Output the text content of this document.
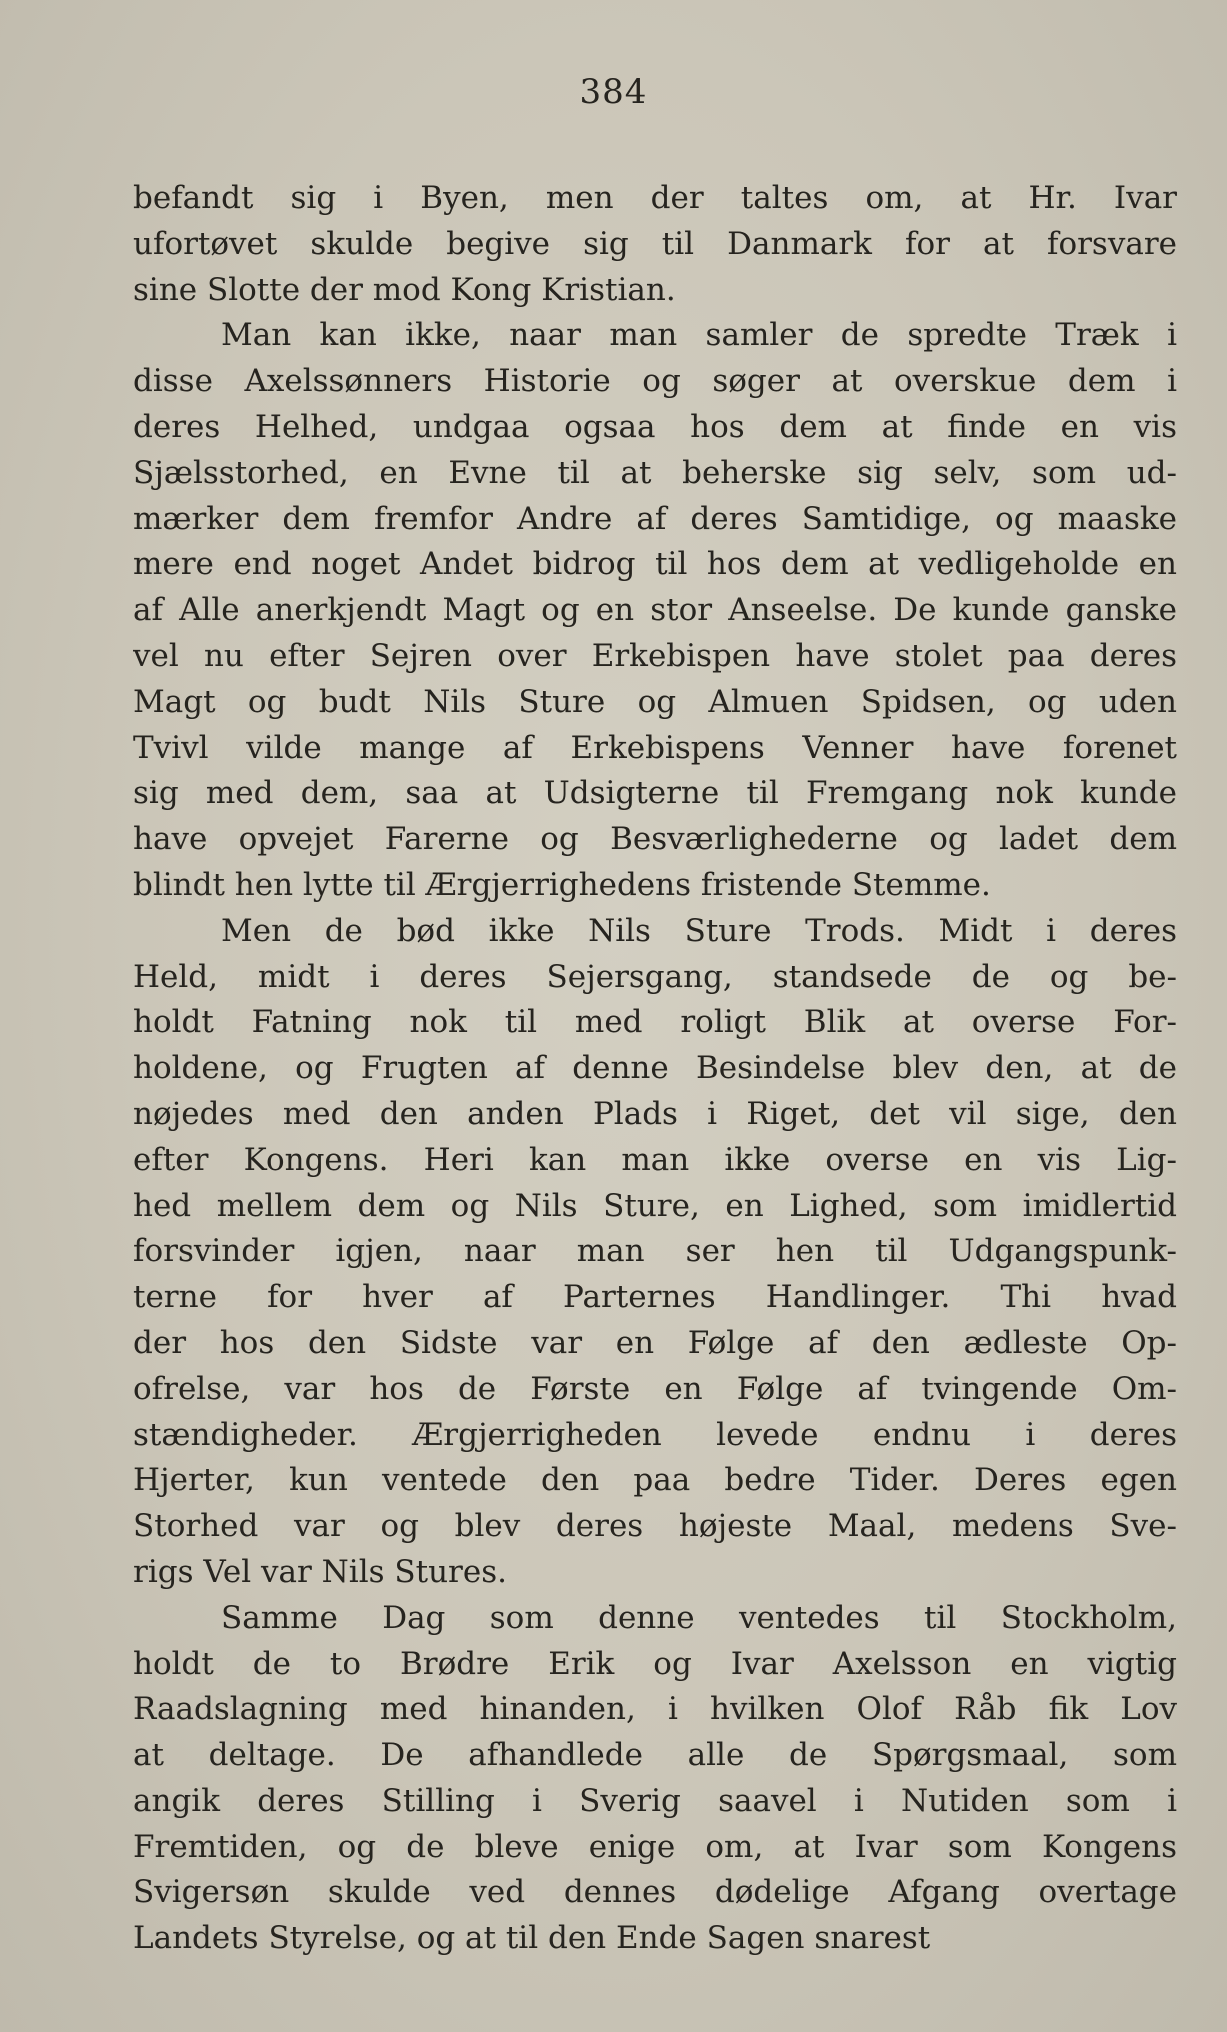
384
befandt sig i Byen, men der taltes om, at Hr. Ivar
ufortøvet skulde begive sig til Danmark for at forsvare
sine Slotte der mod Kong Kristian.
Man kan ikke, naar man samler de spredte Træk i
disse Axelssønners Historie og søger at overskue dem i
deres Helhed, undgaa ogsaa hos dem at finde en vis
Sjælsstorhed, en Evne til at beherske sig selv, som ud-
mærker dem fremfor Andre af deres Samtidige, og maaske
mere end noget Andet bidrog til hos dem at vedligeholde en
af Alle anerkjendt Magt og en stor Anseelse. De kunde ganske
vel nu efter Sejren over Erkebispen have stolet paa deres
Magt og budt Nils Sture og Almuen Spidsen, og uden
Tvivl vilde mange af Erkebispens Venner have forenet
sig med dem, saa at Udsigterne til Fremgang nok kunde
have opvejet Farerne og Besværlighederne og ladet dem
blindt hen lytte til Ærgjerrighedens fristende Stemme.
Men de bød ikke Nils Sture Trods. Midt i deres
Held, midt i deres Sejersgang, standsede de og be-
holdt Fatning nok til med roligt Blik at overse For-
holdene, og Frugten af denne Besindelse blev den, at de
nøjedes med den anden Plads i Riget, det vil sige, den
efter Kongens. Heri kan man ikke overse en vis Lig-
hed mellem dem og Nils Sture, en Lighed, som imidlertid
forsvinder igjen, naar man ser hen til Udgangspunk-
terne for hver af Parternes Handlinger. Thi hvad
der hos den Sidste var en Følge af den ædleste Op-
ofrelse, var hos de Første en Følge af tvingende Om-
stændigheder. Ærgjerrigheden levede endnu i deres
Hjerter, kun ventede den paa bedre Tider. Deres egen
Storhed var og blev deres højeste Maal, medens Sve-
rigs Vel var Nils Stures.
Samme Dag som denne ventedes til Stockholm,
holdt de to Brødre Erik og Ivar Axelsson en vigtig
Raadslagning med hinanden, i hvilken Olof Råb fik Lov
at deltage. De afhandlede alle de Spørgsmaal, som
angik deres Stilling i Sverig saavel i Nutiden som i
Fremtiden, og de bleve enige om, at Ivar som Kongens
Svigersøn skulde ved dennes dødelige Afgang overtage
Landets Styrelse, og at til den Ende Sagen snarest
